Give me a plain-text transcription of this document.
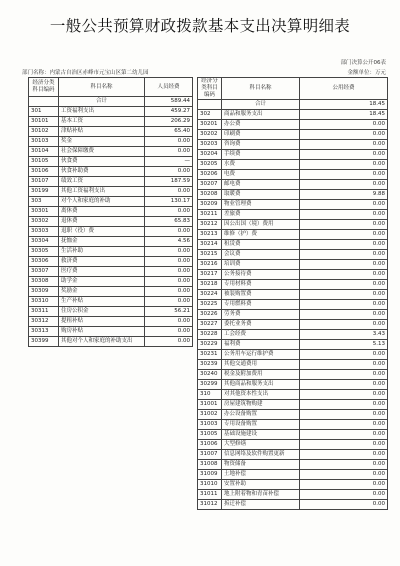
一般公共预算财政拨款基本支出决算明细表
部门决算公开06表
部门名称：内蒙古自治区赤峰市元宝山区第二幼儿园	金额单位：万元
经济分类科目编码	科目名称	人员经费
	合计	589.44
301	工资福利支出	459.27
30101	基本工资	206.29
30102	津贴补贴	65.40
30103	奖金	0.00
30104	社会保障缴费	0.00
30105	伙食费	—
30106	伙食补助费	0.00
30107	绩效工资	187.59
30199	其他工资福利支出	0.00
303	对个人和家庭的补助	130.17
30301	离休费	0.00
30302	退休费	65.83
30303	退职（役）费	0.00
30304	抚恤金	4.56
30305	生活补助	0.00
30306	救济费	0.00
30307	医疗费	0.00
30308	助学金	0.00
30309	奖励金	0.00
30310	生产补贴	0.00
30311	住房公积金	56.21
30312	提租补贴	0.00
30313	购房补贴	0.00
30399	其他对个人和家庭的补助支出	0.00
经济分类科目编码	科目名称	公用经费
	合计	18.45
302	商品和服务支出	18.45
30201	办公费	0.00
30202	印刷费	0.00
30203	咨询费	0.00
30204	手续费	0.00
30205	水费	0.00
30206	电费	0.00
30207	邮电费	0.00
30208	取暖费	9.88
30209	物业管理费	0.00
30211	差旅费	0.00
30212	因公出国（境）费用	0.00
30213	维修（护）费	0.00
30214	租赁费	0.00
30215	会议费	0.00
30216	培训费	0.00
30217	公务接待费	0.00
30218	专用材料费	0.00
30224	被装购置费	0.00
30225	专用燃料费	0.00
30226	劳务费	0.00
30227	委托业务费	0.00
30228	工会经费	3.43
30229	福利费	5.13
30231	公务用车运行维护费	0.00
30239	其他交通费用	0.00
30240	税金及附加费用	0.00
30299	其他商品和服务支出	0.00
310	对其他资本性支出	0.00
31001	房屋建筑物购建	0.00
31002	办公设备购置	0.00
31003	专用设备购置	0.00
31005	基础设施建设	0.00
31006	大型修缮	0.00
31007	信息网络及软件购置更新	0.00
31008	物资储备	0.00
31009	土地补偿	0.00
31010	安置补助	0.00
31011	地上附着物和青苗补偿	0.00
31012	拆迁补偿	0.00
